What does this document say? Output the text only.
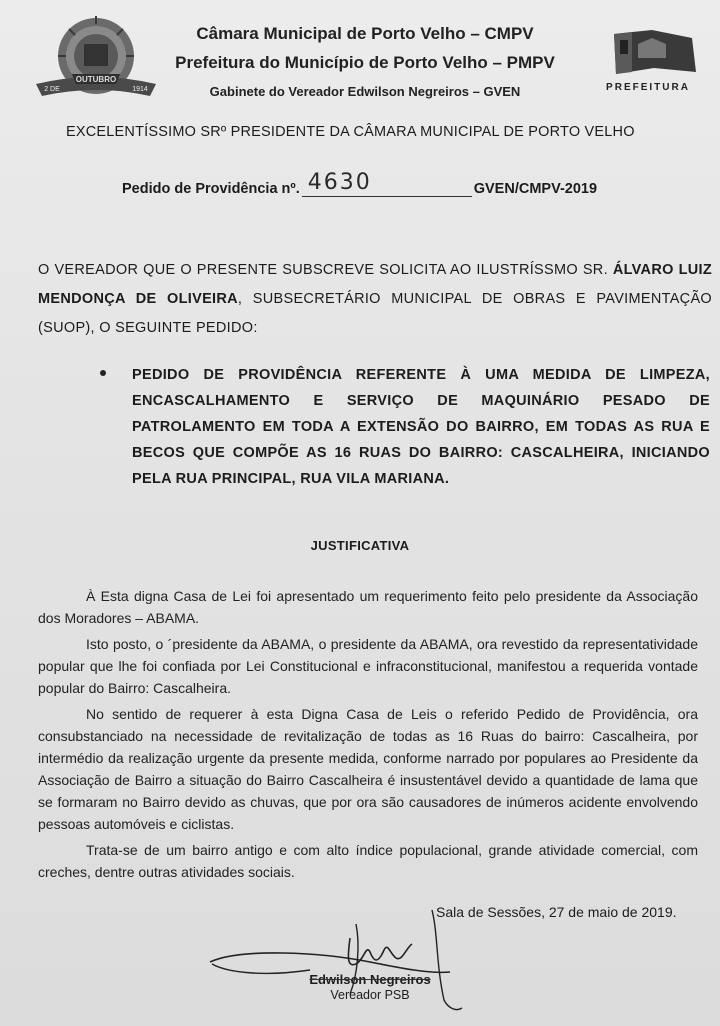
OUTUBRO
2 DE	1914
Câmara Municipal de Porto Velho – CMPV
Prefeitura do Município de Porto Velho – PMPV
Gabinete do Vereador Edwilson Negreiros – GVEN	PREFEITURA
EXCELENTÍSSIMO SRº PRESIDENTE DA CÂMARA MUNICIPAL DE PORTO VELHO
Pedido de Providência nº. 4630	GVEN/CMPV-2019
O VEREADOR QUE O PRESENTE SUBSCREVE SOLICITA AO ILUSTRÍSSMO SR. ÁLVARO LUIZ MENDONÇA DE OLIVEIRA, SUBSECRETÁRIO MUNICIPAL DE OBRAS E PAVIMENTAÇÃO (SUOP), O SEGUINTE PEDIDO:
PEDIDO DE PROVIDÊNCIA REFERENTE À UMA MEDIDA DE LIMPEZA, ENCASCALHAMENTO E SERVIÇO DE MAQUINÁRIO PESADO DE PATROLAMENTO EM TODA A EXTENSÃO DO BAIRRO, EM TODAS AS RUA E BECOS QUE COMPÕE AS 16 RUAS DO BAIRRO: CASCALHEIRA, INICIANDO PELA RUA PRINCIPAL, RUA VILA MARIANA.
JUSTIFICATIVA

À Esta digna Casa de Lei foi apresentado um requerimento feito pelo presidente da Associação dos Moradores – ABAMA.

Isto posto, o ´presidente da ABAMA, o presidente da ABAMA, ora revestido da representatividade popular que lhe foi confiada por Lei Constitucional e infraconstitucional, manifestou a requerida vontade popular do Bairro: Cascalheira.

No sentido de requerer à esta Digna Casa de Leis o referido Pedido de Providência, ora consubstanciado na necessidade de revitalização de todas as 16 Ruas do bairro: Cascalheira, por intermédio da realização urgente da presente medida, conforme narrado por populares ao Presidente da Associação de Bairro a situação do Bairro Cascalheira é insustentável devido a quantidade de lama que se formaram no Bairro devido as chuvas, que por ora são causadores de inúmeros acidente envolvendo pessoas automóveis e ciclistas.

Trata-se de um bairro antigo e com alto índice populacional, grande atividade comercial, com creches, dentre outras atividades sociais.

Sala de Sessões, 27 de maio de 2019.
Edwilson Negreiros
Vereador PSB
